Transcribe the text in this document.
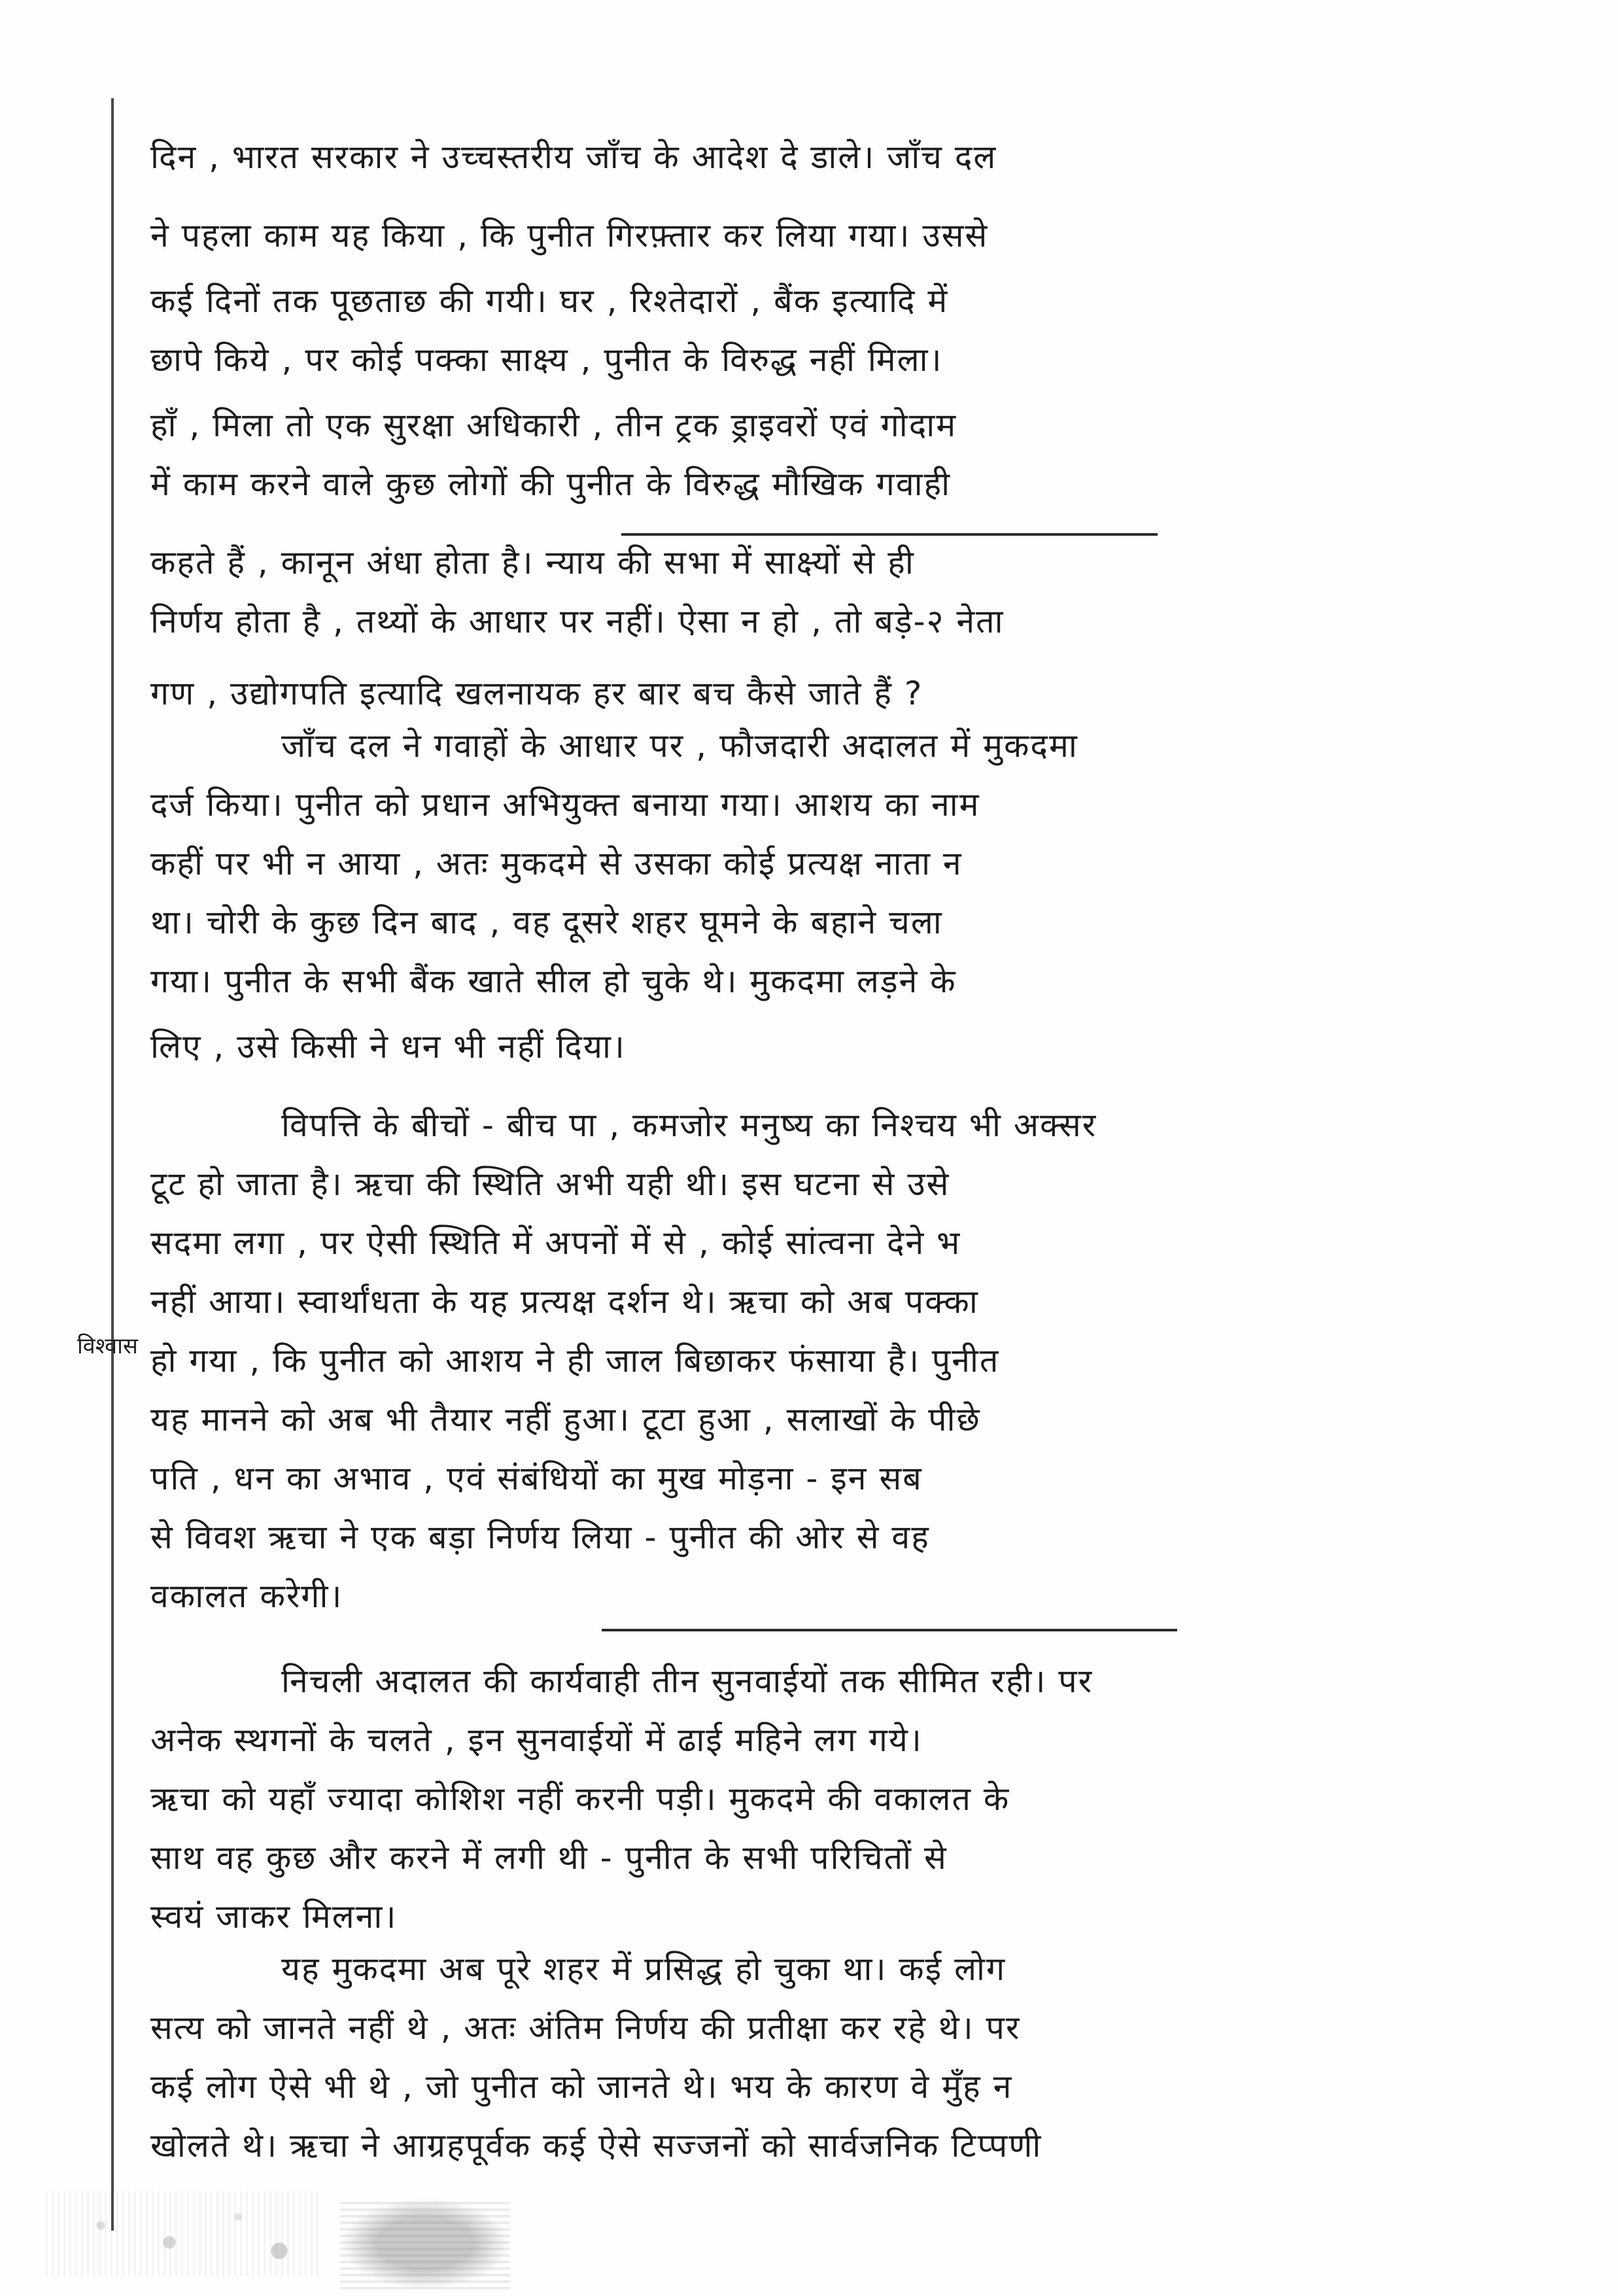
दिन , भारत सरकार ने उच्चस्तरीय जाँच के आदेश दे डाले। जाँच दल
ने पहला काम यह किया , कि पुनीत गिरफ़्तार कर लिया गया। उससे
कई दिनों तक पूछताछ की गयी। घर , रिश्तेदारों , बैंक इत्यादि में
छापे किये , पर कोई पक्का साक्ष्य , पुनीत के विरुद्ध नहीं मिला।
हाँ , मिला तो एक सुरक्षा अधिकारी , तीन ट्रक ड्राइवरों एवं गोदाम
में काम करने वाले कुछ लोगों की पुनीत के विरुद्ध मौखिक गवाही
कहते हैं , कानून अंधा होता है। न्याय की सभा में साक्ष्यों से ही
निर्णय होता है , तथ्यों के आधार पर नहीं। ऐसा न हो , तो बड़े-२ नेता
गण , उद्योगपति इत्यादि खलनायक हर बार बच कैसे जाते हैं ?
जाँच दल ने गवाहों के आधार पर , फौजदारी अदालत में मुकदमा
दर्ज किया। पुनीत को प्रधान अभियुक्त बनाया गया। आशय का नाम
कहीं पर भी न आया , अतः मुकदमे से उसका कोई प्रत्यक्ष नाता न
था। चोरी के कुछ दिन बाद , वह दूसरे शहर घूमने के बहाने चला
गया। पुनीत के सभी बैंक खाते सील हो चुके थे। मुकदमा लड़ने के
लिए , उसे किसी ने धन भी नहीं दिया।
विपत्ति के बीचों - बीच पा , कमजोर मनुष्य का निश्चय भी अक्सर
टूट हो जाता है। ऋचा की स्थिति अभी यही थी। इस घटना से उसे
सदमा लगा , पर ऐसी स्थिति में अपनों में से , कोई सांत्वना देने भ
नहीं आया। स्वार्थांधता के यह प्रत्यक्ष दर्शन थे। ऋचा को अब पक्का
विश्वास हो गया , कि पुनीत को आशय ने ही जाल बिछाकर फंसाया है। पुनीत
यह मानने को अब भी तैयार नहीं हुआ। टूटा हुआ , सलाखों के पीछे
पति , धन का अभाव , एवं संबंधियों का मुख मोड़ना - इन सब
से विवश ऋचा ने एक बड़ा निर्णय लिया - पुनीत की ओर से वह
वकालत करेगी।
निचली अदालत की कार्यवाही तीन सुनवाईयों तक सीमित रही। पर
अनेक स्थगनों के चलते , इन सुनवाईयों में ढाई महिने लग गये।
ऋचा को यहाँ ज्यादा कोशिश नहीं करनी पड़ी। मुकदमे की वकालत के
साथ वह कुछ और करने में लगी थी - पुनीत के सभी परिचितों से
स्वयं जाकर मिलना।
यह मुकदमा अब पूरे शहर में प्रसिद्ध हो चुका था। कई लोग
सत्य को जानते नहीं थे , अतः अंतिम निर्णय की प्रतीक्षा कर रहे थे। पर
कई लोग ऐसे भी थे , जो पुनीत को जानते थे। भय के कारण वे मुँह न
खोलते थे। ऋचा ने आग्रहपूर्वक कई ऐसे सज्जनों को सार्वजनिक टिप्पणी
